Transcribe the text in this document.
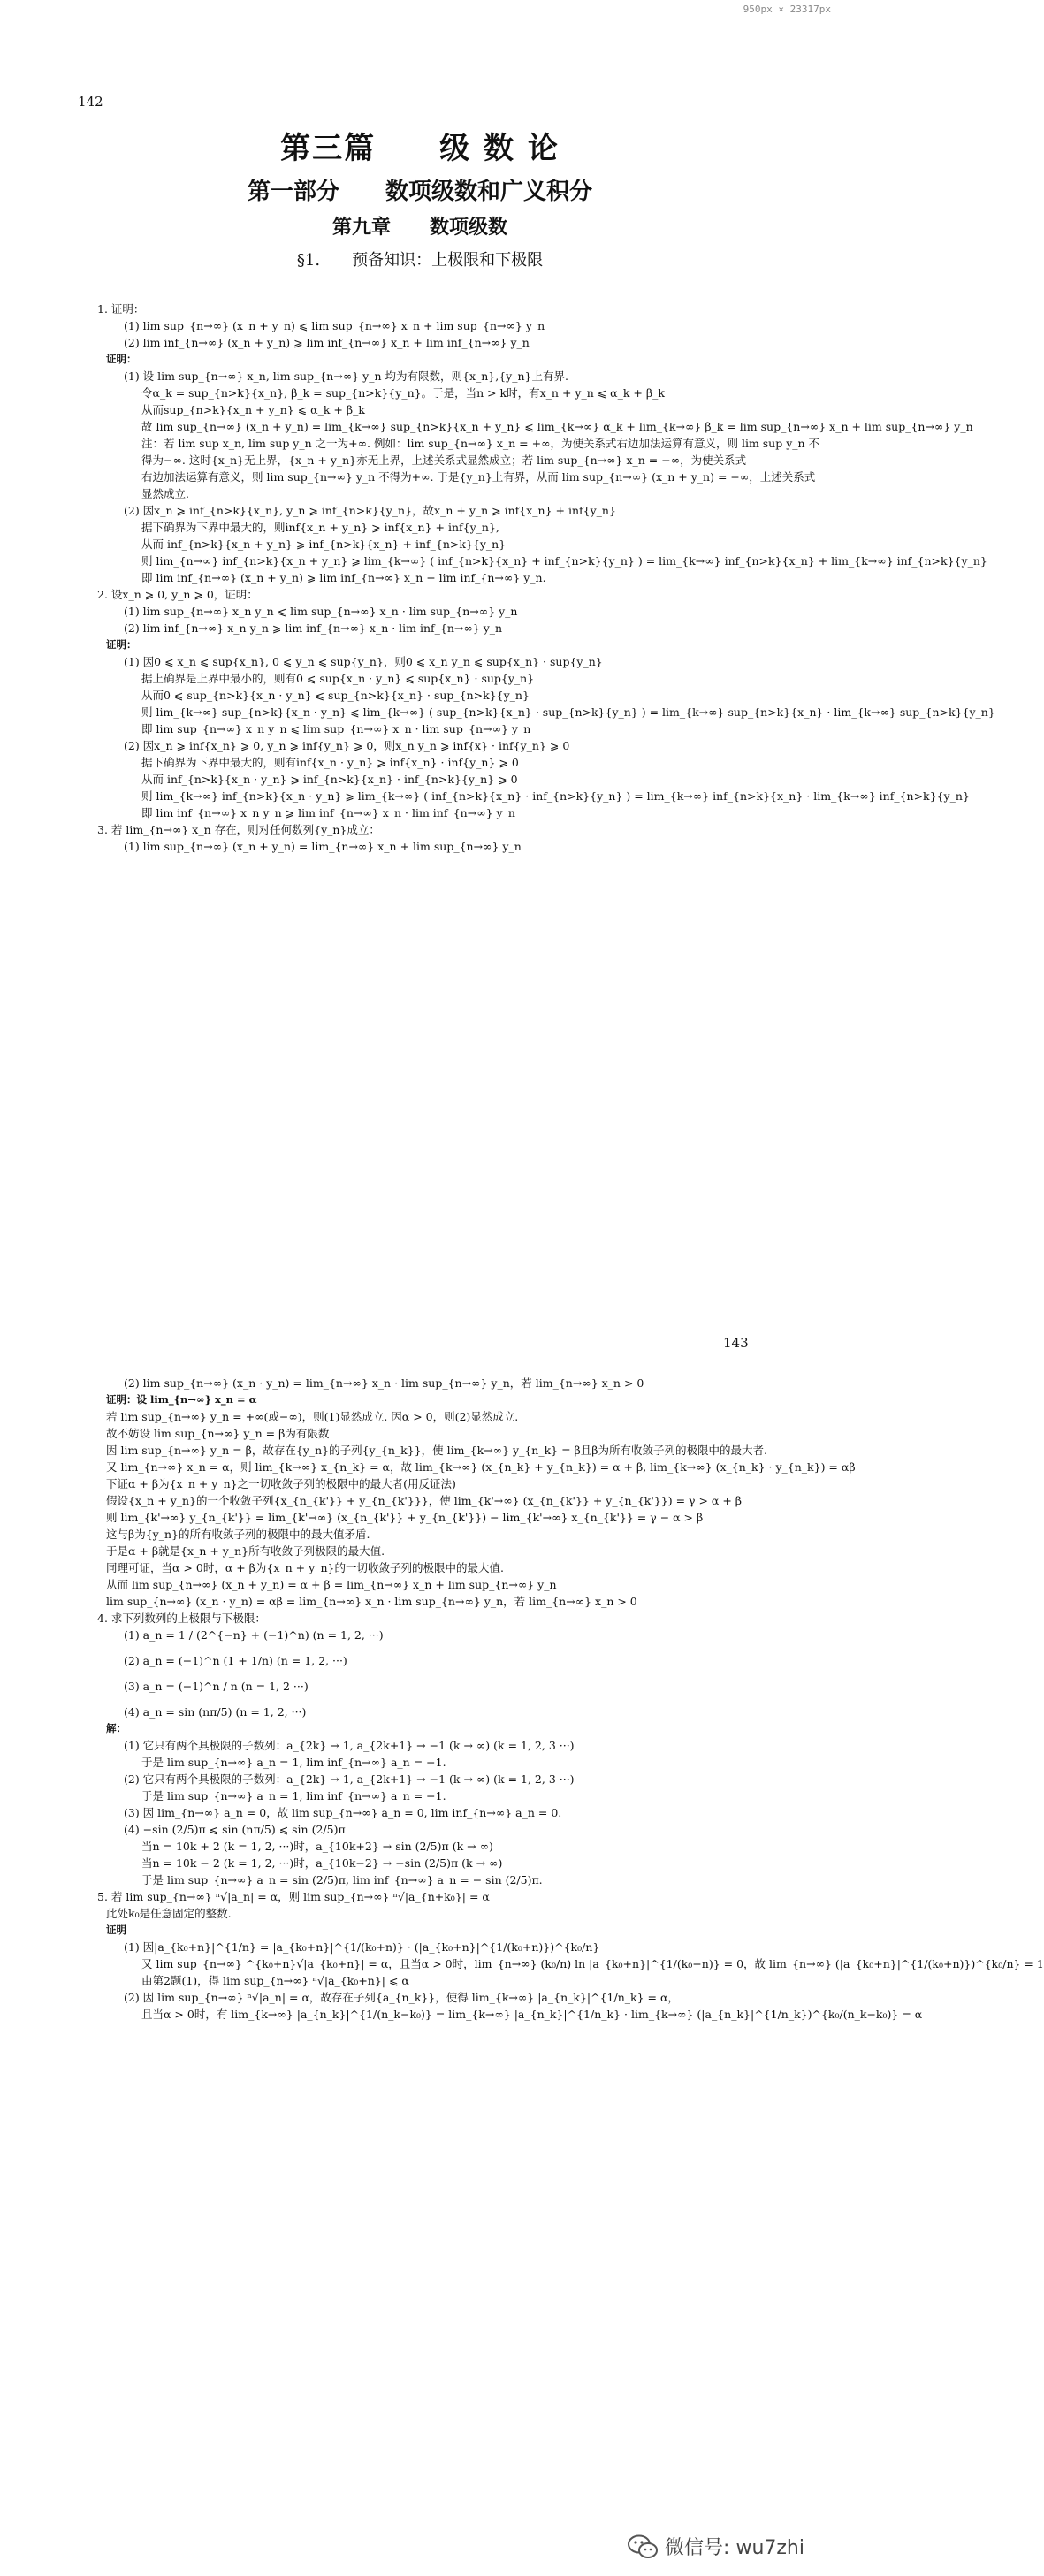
950px × 23317px
142
第三篇　　级 数 论
第一部分　　数项级数和广义积分
第九章　　数项级数
§1.　　预备知识：上极限和下极限
1. 证明：
(1) lim sup_{n→∞} (x_n + y_n) ⩽ lim sup_{n→∞} x_n + lim sup_{n→∞} y_n
(2) lim inf_{n→∞} (x_n + y_n) ⩾ lim inf_{n→∞} x_n + lim inf_{n→∞} y_n
证明：
(1) 设 lim sup_{n→∞} x_n, lim sup_{n→∞} y_n 均为有限数，则{x_n},{y_n}上有界.
令α_k = sup_{n>k}{x_n}, β_k = sup_{n>k}{y_n}。于是，当n > k时，有x_n + y_n ⩽ α_k + β_k
从而sup_{n>k}{x_n + y_n} ⩽ α_k + β_k
故 lim sup_{n→∞} (x_n + y_n) = lim_{k→∞} sup_{n>k}{x_n + y_n} ⩽ lim_{k→∞} α_k + lim_{k→∞} β_k = lim sup_{n→∞} x_n + lim sup_{n→∞} y_n
注：若 lim sup x_n, lim sup y_n 之一为+∞. 例如：lim sup_{n→∞} x_n = +∞，为使关系式右边加法运算有意义，则 lim sup y_n 不
得为−∞. 这时{x_n}无上界，{x_n + y_n}亦无上界，上述关系式显然成立；若 lim sup_{n→∞} x_n = −∞，为使关系式
右边加法运算有意义，则 lim sup_{n→∞} y_n 不得为+∞. 于是{y_n}上有界，从而 lim sup_{n→∞} (x_n + y_n) = −∞，上述关系式
显然成立.
(2) 因x_n ⩾ inf_{n>k}{x_n}, y_n ⩾ inf_{n>k}{y_n}，故x_n + y_n ⩾ inf{x_n} + inf{y_n}
据下确界为下界中最大的，则inf{x_n + y_n} ⩾ inf{x_n} + inf{y_n},
从而 inf_{n>k}{x_n + y_n} ⩾ inf_{n>k}{x_n} + inf_{n>k}{y_n}
则 lim_{n→∞} inf_{n>k}{x_n + y_n} ⩾ lim_{k→∞} ( inf_{n>k}{x_n} + inf_{n>k}{y_n} ) = lim_{k→∞} inf_{n>k}{x_n} + lim_{k→∞} inf_{n>k}{y_n}
即 lim inf_{n→∞} (x_n + y_n) ⩾ lim inf_{n→∞} x_n + lim inf_{n→∞} y_n.
2. 设x_n ⩾ 0, y_n ⩾ 0，证明：
(1) lim sup_{n→∞} x_n y_n ⩽ lim sup_{n→∞} x_n · lim sup_{n→∞} y_n
(2) lim inf_{n→∞} x_n y_n ⩾ lim inf_{n→∞} x_n · lim inf_{n→∞} y_n
证明：
(1) 因0 ⩽ x_n ⩽ sup{x_n}, 0 ⩽ y_n ⩽ sup{y_n}，则0 ⩽ x_n y_n ⩽ sup{x_n} · sup{y_n}
据上确界是上界中最小的，则有0 ⩽ sup{x_n · y_n} ⩽ sup{x_n} · sup{y_n}
从而0 ⩽ sup_{n>k}{x_n · y_n} ⩽ sup_{n>k}{x_n} · sup_{n>k}{y_n}
则 lim_{k→∞} sup_{n>k}{x_n · y_n} ⩽ lim_{k→∞} ( sup_{n>k}{x_n} · sup_{n>k}{y_n} ) = lim_{k→∞} sup_{n>k}{x_n} · lim_{k→∞} sup_{n>k}{y_n}
即 lim sup_{n→∞} x_n y_n ⩽ lim sup_{n→∞} x_n · lim sup_{n→∞} y_n
(2) 因x_n ⩾ inf{x_n} ⩾ 0, y_n ⩾ inf{y_n} ⩾ 0，则x_n y_n ⩾ inf{x} · inf{y_n} ⩾ 0
据下确界为下界中最大的，则有inf{x_n · y_n} ⩾ inf{x_n} · inf{y_n} ⩾ 0
从而 inf_{n>k}{x_n · y_n} ⩾ inf_{n>k}{x_n} · inf_{n>k}{y_n} ⩾ 0
则 lim_{k→∞} inf_{n>k}{x_n · y_n} ⩾ lim_{k→∞} ( inf_{n>k}{x_n} · inf_{n>k}{y_n} ) = lim_{k→∞} inf_{n>k}{x_n} · lim_{k→∞} inf_{n>k}{y_n}
即 lim inf_{n→∞} x_n y_n ⩾ lim inf_{n→∞} x_n · lim inf_{n→∞} y_n
3. 若 lim_{n→∞} x_n 存在，则对任何数列{y_n}成立：
(1) lim sup_{n→∞} (x_n + y_n) = lim_{n→∞} x_n + lim sup_{n→∞} y_n
143
(2) lim sup_{n→∞} (x_n · y_n) = lim_{n→∞} x_n · lim sup_{n→∞} y_n，若 lim_{n→∞} x_n > 0
证明：设 lim_{n→∞} x_n = α
若 lim sup_{n→∞} y_n = +∞(或−∞)，则(1)显然成立. 因α > 0，则(2)显然成立.
故不妨设 lim sup_{n→∞} y_n = β为有限数
因 lim sup_{n→∞} y_n = β，故存在{y_n}的子列{y_{n_k}}，使 lim_{k→∞} y_{n_k} = β且β为所有收敛子列的极限中的最大者.
又 lim_{n→∞} x_n = α，则 lim_{k→∞} x_{n_k} = α，故 lim_{k→∞} (x_{n_k} + y_{n_k}) = α + β, lim_{k→∞} (x_{n_k} · y_{n_k}) = αβ
下证α + β为{x_n + y_n}之一切收敛子列的极限中的最大者(用反证法)
假设{x_n + y_n}的一个收敛子列{x_{n_{k'}} + y_{n_{k'}}}，使 lim_{k'→∞} (x_{n_{k'}} + y_{n_{k'}}) = γ > α + β
则 lim_{k'→∞} y_{n_{k'}} = lim_{k'→∞} (x_{n_{k'}} + y_{n_{k'}}) − lim_{k'→∞} x_{n_{k'}} = γ − α > β
这与β为{y_n}的所有收敛子列的极限中的最大值矛盾.
于是α + β就是{x_n + y_n}所有收敛子列极限的最大值.
同理可证，当α > 0时，α + β为{x_n + y_n}的一切收敛子列的极限中的最大值.
从而 lim sup_{n→∞} (x_n + y_n) = α + β = lim_{n→∞} x_n + lim sup_{n→∞} y_n
lim sup_{n→∞} (x_n · y_n) = αβ = lim_{n→∞} x_n · lim sup_{n→∞} y_n，若 lim_{n→∞} x_n > 0
4. 求下列数列的上极限与下极限：
(1) a_n = 1 / (2^{−n} + (−1)^n) (n = 1, 2, ···)
(2) a_n = (−1)^n (1 + 1/n) (n = 1, 2, ···)
(3) a_n = (−1)^n / n (n = 1, 2 ···)
(4) a_n = sin (nπ/5) (n = 1, 2, ···)
解：
(1) 它只有两个具极限的子数列：a_{2k} → 1, a_{2k+1} → −1 (k → ∞) (k = 1, 2, 3 ···)
于是 lim sup_{n→∞} a_n = 1, lim inf_{n→∞} a_n = −1.
(2) 它只有两个具极限的子数列：a_{2k} → 1, a_{2k+1} → −1 (k → ∞) (k = 1, 2, 3 ···)
于是 lim sup_{n→∞} a_n = 1, lim inf_{n→∞} a_n = −1.
(3) 因 lim_{n→∞} a_n = 0，故 lim sup_{n→∞} a_n = 0, lim inf_{n→∞} a_n = 0.
(4) −sin (2/5)π ⩽ sin (nπ/5) ⩽ sin (2/5)π
当n = 10k + 2 (k = 1, 2, ···)时，a_{10k+2} → sin (2/5)π (k → ∞)
当n = 10k − 2 (k = 1, 2, ···)时，a_{10k−2} → −sin (2/5)π (k → ∞)
于是 lim sup_{n→∞} a_n = sin (2/5)π, lim inf_{n→∞} a_n = − sin (2/5)π.
5. 若 lim sup_{n→∞} ⁿ√|a_n| = α，则 lim sup_{n→∞} ⁿ√|a_{n+k₀}| = α
此处k₀是任意固定的整数.
证明
(1) 因|a_{k₀+n}|^{1/n} = |a_{k₀+n}|^{1/(k₀+n)} · (|a_{k₀+n}|^{1/(k₀+n)})^{k₀/n}
又 lim sup_{n→∞} ^{k₀+n}√|a_{k₀+n}| = α，且当α > 0时，lim_{n→∞} (k₀/n) ln |a_{k₀+n}|^{1/(k₀+n)} = 0，故 lim_{n→∞} (|a_{k₀+n}|^{1/(k₀+n)})^{k₀/n} = 1
由第2题(1)，得 lim sup_{n→∞} ⁿ√|a_{k₀+n}| ⩽ α
(2) 因 lim sup_{n→∞} ⁿ√|a_n| = α，故存在子列{a_{n_k}}，使得 lim_{k→∞} |a_{n_k}|^{1/n_k} = α，
且当α > 0时，有 lim_{k→∞} |a_{n_k}|^{1/(n_k−k₀)} = lim_{k→∞} |a_{n_k}|^{1/n_k} · lim_{k→∞} (|a_{n_k}|^{1/n_k})^{k₀/(n_k−k₀)} = α
微信号: wu7zhi
